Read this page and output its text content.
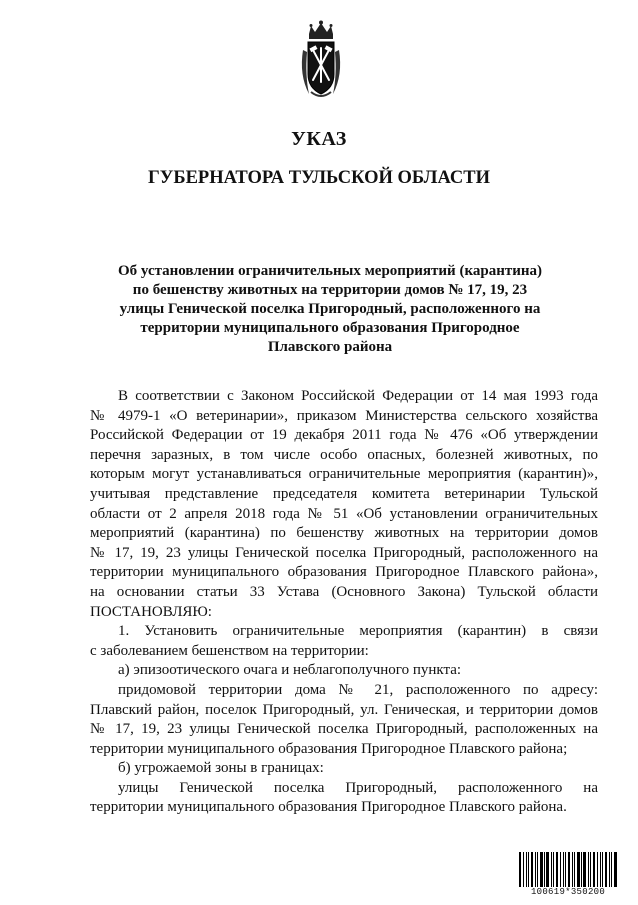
УКАЗ
ГУБЕРНАТОРА ТУЛЬСКОЙ ОБЛАСТИ
Об установлении ограничительных мероприятий (карантина)
по бешенству животных на территории домов № 17, 19, 23
улицы Генической поселка Пригородный, расположенного на
территории муниципального образования Пригородное
Плавского района
В соответствии с Законом Российской Федерации от 14 мая 1993 года
№ 4979-1 «О ветеринарии», приказом Министерства сельского хозяйства
Российской Федерации от 19 декабря 2011 года № 476 «Об утверждении
перечня заразных, в том числе особо опасных, болезней животных, по
которым могут устанавливаться ограничительные мероприятия (карантин)»,
учитывая представление председателя комитета ветеринарии Тульской
области от 2 апреля 2018 года № 51 «Об установлении ограничительных
мероприятий (карантина) по бешенству животных на территории домов
№ 17, 19, 23 улицы Генической поселка Пригородный, расположенного на
территории муниципального образования Пригородное Плавского района»,
на основании статьи 33 Устава (Основного Закона) Тульской области
ПОСТАНОВЛЯЮ:
1. Установить ограничительные мероприятия (карантин) в связи
с заболеванием бешенством на территории:
а) эпизоотического очага и неблагополучного пункта:
придомовой территории дома № 21, расположенного по адресу:
Плавский район, поселок Пригородный, ул. Геническая, и территории домов
№ 17, 19, 23 улицы Генической поселка Пригородный, расположенных на
территории муниципального образования Пригородное Плавского района;
б) угрожаемой зоны в границах:
улицы Генической поселка Пригородный, расположенного на
территории муниципального образования Пригородное Плавского района.
100619*350200
